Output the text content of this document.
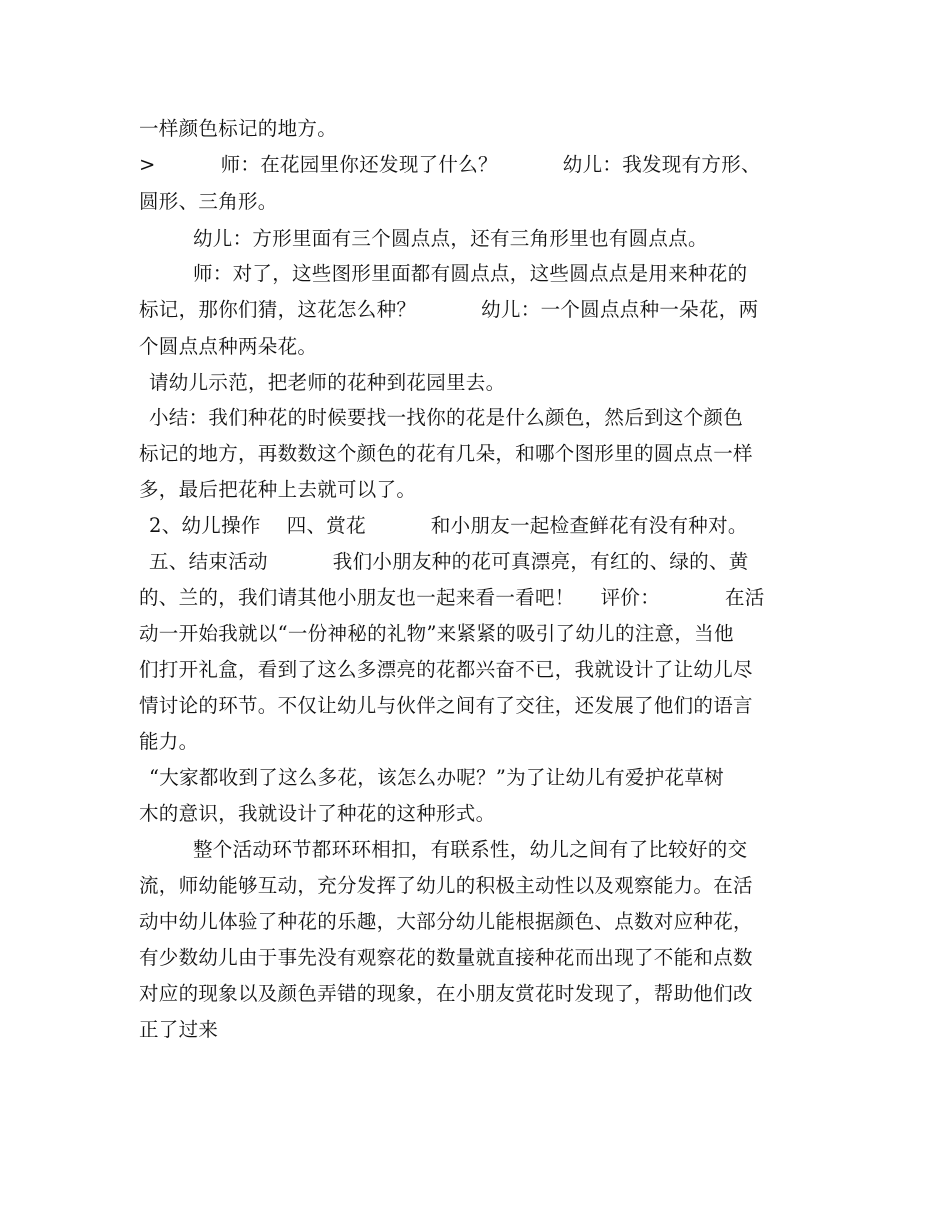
一样颜色标记的地方。
>          师：在花园里你还发现了什么？          幼儿：我发现有方形、
圆形、三角形。
幼儿：方形里面有三个圆点点，还有三角形里也有圆点点。
师：对了，这些图形里面都有圆点点，这些圆点点是用来种花的
标记，那你们猜，这花怎么种？          幼儿：一个圆点点种一朵花，两
个圆点点种两朵花。
请幼儿示范，把老师的花种到花园里去。
小结：我们种花的时候要找一找你的花是什么颜色，然后到这个颜色
标记的地方，再数数这个颜色的花有几朵，和哪个图形里的圆点点一样
多，最后把花种上去就可以了。
2、幼儿操作    四、赏花          和小朋友一起检查鲜花有没有种对。
五、结束活动          我们小朋友种的花可真漂亮，有红的、绿的、黄
的、兰的，我们请其他小朋友也一起来看一看吧！    评价：          在活
动一开始我就以“一份神秘的礼物”来紧紧的吸引了幼儿的注意，当他
们打开礼盒，看到了这么多漂亮的花都兴奋不已，我就设计了让幼儿尽
情讨论的环节。不仅让幼儿与伙伴之间有了交往，还发展了他们的语言
能力。
“大家都收到了这么多花，该怎么办呢？”为了让幼儿有爱护花草树
木的意识，我就设计了种花的这种形式。
整个活动环节都环环相扣，有联系性，幼儿之间有了比较好的交
流，师幼能够互动，充分发挥了幼儿的积极主动性以及观察能力。在活
动中幼儿体验了种花的乐趣，大部分幼儿能根据颜色、点数对应种花，
有少数幼儿由于事先没有观察花的数量就直接种花而出现了不能和点数
对应的现象以及颜色弄错的现象，在小朋友赏花时发现了，帮助他们改
正了过来
